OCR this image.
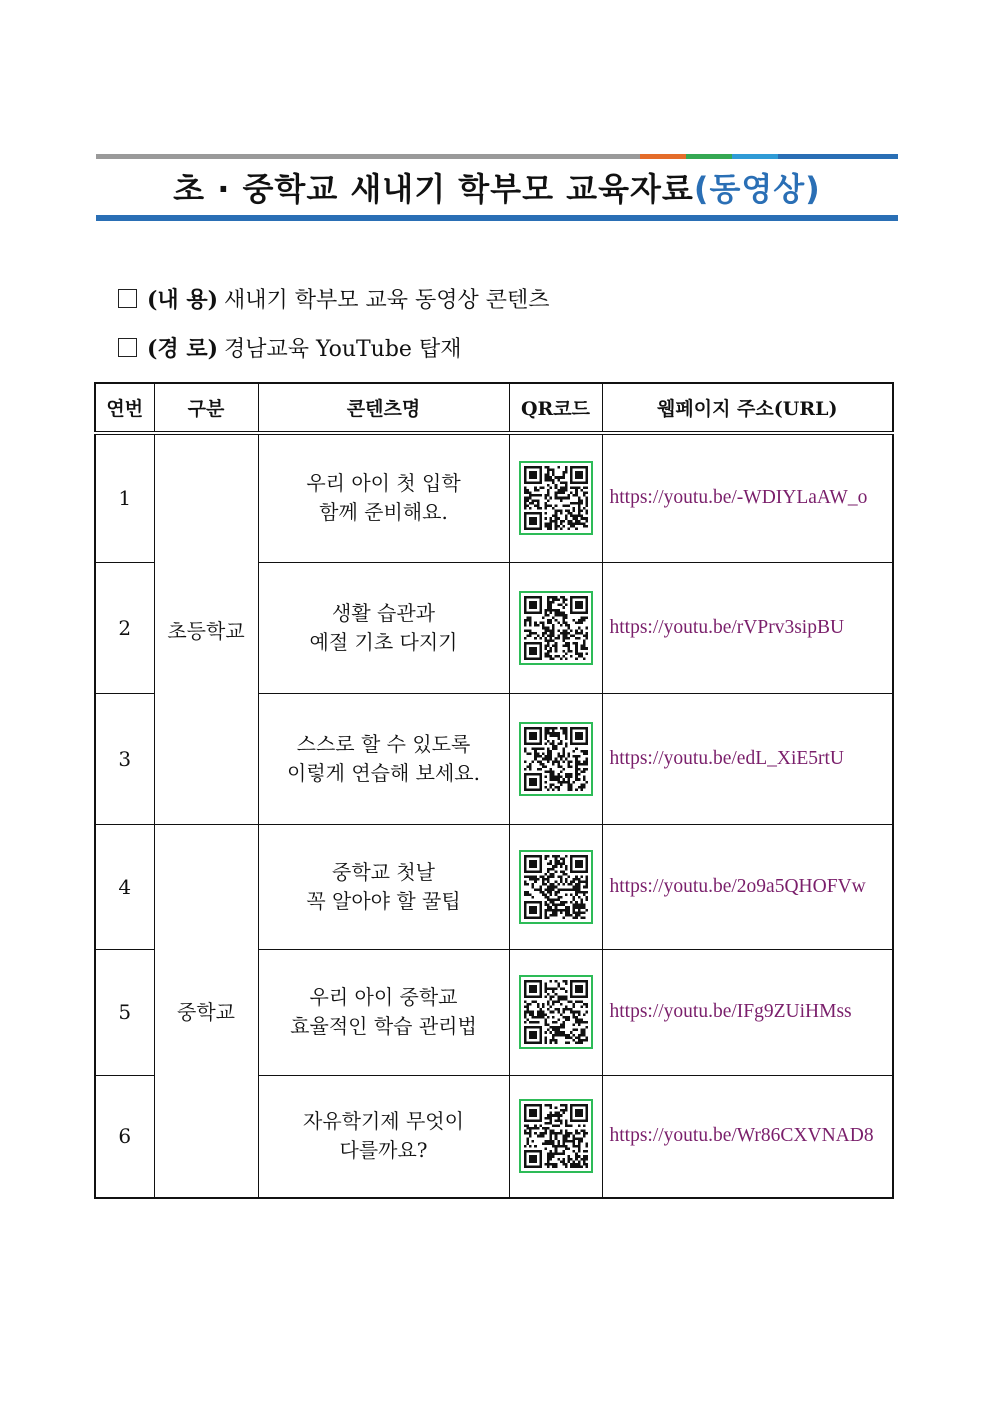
초 · 중학교 새내기 학부모 교육자료(동영상)
(내 용) 새내기 학부모 교육 동영상 콘텐츠
(경 로) 경남교육 YouTube 탑재
연번	구분	콘텐츠명	QR코드	웹페이지 주소(URL)
1	초등학교	우리 아이 첫 입학
함께 준비해요.		https://youtu.be/-WDIYLaAW_o
2		생활 습관과
예절 기초 다지기		https://youtu.be/rVPrv3sipBU
3		스스로 할 수 있도록
이렇게 연습해 보세요.		https://youtu.be/edL_XiE5rtU
4	중학교	중학교 첫날
꼭 알아야 할 꿀팁		https://youtu.be/2o9a5QHOFVw
5		우리 아이 중학교
효율적인 학습 관리법		https://youtu.be/IFg9ZUiHMss
6		자유학기제 무엇이
다를까요?		https://youtu.be/Wr86CXVNAD8
